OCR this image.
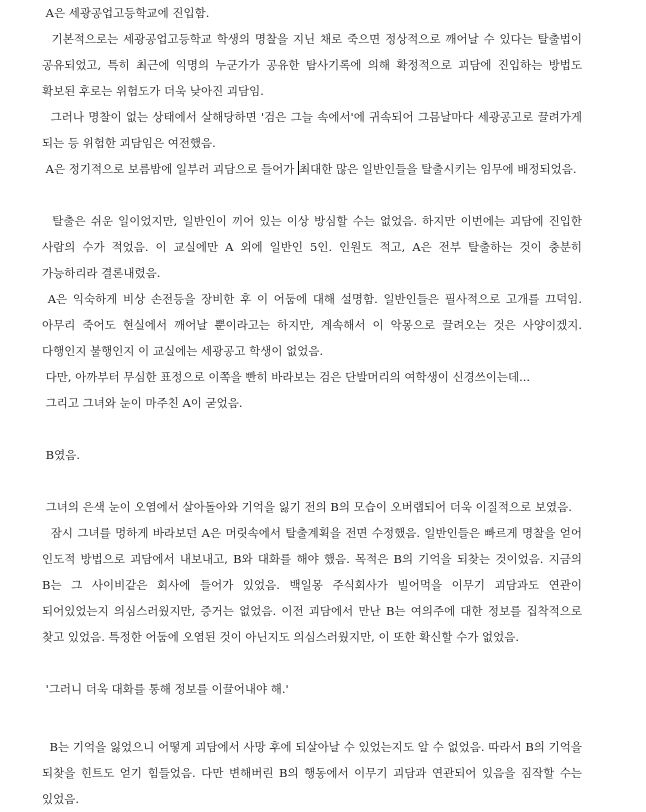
A은 세광공업고등학교에 진입함.

기본적으로는 세광공업고등학교 학생의 명찰을 지닌 채로 죽으면 정상적으로 깨어날 수 있다는 탈출법이 공유되었고, 특히 최근에 익명의 누군가가 공유한 탐사기록에 의해 확정적으로 괴담에 진입하는 방법도 확보된 후로는 위험도가 더욱 낮아진 괴담임.

그러나 명찰이 없는 상태에서 살해당하면 '검은 그늘 속에서'에 귀속되어 그믐날마다 세광공고로 끌려가게 되는 등 위험한 괴담임은 여전했음.

A은 정기적으로 보름밤에 일부러 괴담으로 들어가 최대한 많은 일반인들을 탈출시키는 임무에 배정되었음.

탈출은 쉬운 일이었지만, 일반인이 끼어 있는 이상 방심할 수는 없었음. 하지만 이번에는 괴담에 진입한 사람의 수가 적었음. 이 교실에만 A 외에 일반인 5인. 인원도 적고, A은 전부 탈출하는 것이 충분히 가능하리라 결론내렸음.

A은 익숙하게 비상 손전등을 장비한 후 이 어둠에 대해 설명함. 일반인들은 필사적으로 고개를 끄덕임. 아무리 죽어도 현실에서 깨어날 뿐이라고는 하지만, 계속해서 이 악몽으로 끌려오는 것은 사양이겠지. 다행인지 불행인지 이 교실에는 세광공고 학생이 없었음.

다만, 아까부터 무심한 표정으로 이쪽을 빤히 바라보는 검은 단발머리의 여학생이 신경쓰이는데...

그리고 그녀와 눈이 마주친 A이 굳었음.

B였음.

그녀의 은색 눈이 오염에서 살아돌아와 기억을 잃기 전의 B의 모습이 오버랩되어 더욱 이질적으로 보였음.

잠시 그녀를 멍하게 바라보던 A은 머릿속에서 탈출계획을 전면 수정했음. 일반인들은 빠르게 명찰을 얻어 인도적 방법으로 괴담에서 내보내고, B와 대화를 해야 했음. 목적은 B의 기억을 되찾는 것이었음. 지금의 B는 그 사이비같은 회사에 들어가 있었음. 백일몽 주식회사가 빌어먹을 이무기 괴담과도 연관이 되어있었는지 의심스러웠지만, 증거는 없었음. 이전 괴담에서 만난 B는 여의주에 대한 정보를 집착적으로 찾고 있었음. 특정한 어둠에 오염된 것이 아닌지도 의심스러웠지만, 이 또한 확신할 수가 없었음.

'그러니 더욱 대화를 통해 정보를 이끌어내야 해.'

B는 기억을 잃었으니 어떻게 괴담에서 사망 후에 되살아날 수 있었는지도 알 수 없었음. 따라서 B의 기억을 되찾을 힌트도 얻기 힘들었음. 다만 변해버린 B의 행동에서 이무기 괴담과 연관되어 있음을 짐작할 수는 있었음.
